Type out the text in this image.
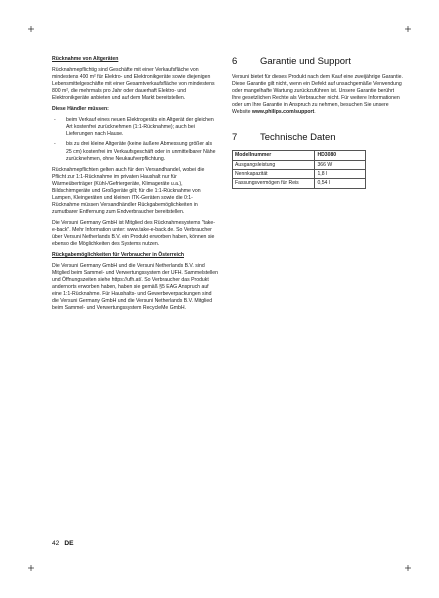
Rücknahme von Altgeräten

Rücknahmepflichtig sind Geschäfte mit einer Verkaufsfläche von mindestens 400 m² für Elektro- und Elektronikgeräte sowie diejenigen Lebensmittelgeschäfte mit einer Gesamtverkaufsfläche von mindestens 800 m², die mehrmals pro Jahr oder dauerhaft Elektro- und Elektronikgeräte anbieten und auf dem Markt bereitstellen.

Diese Händler müssen:

- beim Verkauf eines neuen Elektrogeräts ein Altgerät der gleichen Art kostenfrei zurücknehmen (1:1-Rücknahme); auch bei Lieferungen nach Hause.
- bis zu drei kleine Altgeräte (keine äußere Abmessung größer als 25 cm) kostenfrei im Verkaufsgeschäft oder in unmittelbarer Nähe zurücknehmen, ohne Neukaufverpflichtung.

Rücknahmepflichten gelten auch für den Versandhandel, wobei die Pflicht zur 1:1-Rücknahme im privaten Haushalt nur für Wärmeüberträger (Kühl-/Gefriergeräte, Klimageräte u.a.), Bildschirmgeräte und Großgeräte gilt; für die 1:1-Rücknahme von Lampen, Kleingeräten und kleinen ITK-Geräten sowie die 0:1-Rücknahme müssen Versandhändler Rückgabemöglichkeiten in zumutbarer Entfernung zum Endverbraucher bereitstellen.

Die Versuni Germany GmbH ist Mitglied des Rücknahmesystems "take-e-back". Mehr Information unter: www.take-e-back.de. So Verbraucher über Versuni Netherlands B.V. ein Produkt erworben haben, können sie ebenso die Möglichkeiten des Systems nutzen.

Rückgabemöglichkeiten für Verbraucher in Österreich

Die Versuni Germany GmbH und die Versuni Netherlands B.V. sind Mitglied beim Sammel- und Verwertungssystem der UFH. Sammelstellen und Öffnungszeiten siehe https://ufh.at/. So Verbraucher das Produkt andernorts erworben haben, haben sie gemäß §5 EAG Anspruch auf eine 1:1-Rücknahme. Für Haushalts- und Gewerbeverpackungen sind die Versuni Germany GmbH und die Versuni Netherlands B.V. Mitglied beim Sammel- und Verwertungssystem RecycleMe GmbH.

6	Garantie und Support

Versuni bietet für dieses Produkt nach dem Kauf eine zweijährige Garantie. Diese Garantie gilt nicht, wenn ein Defekt auf unsachgemäße Verwendung oder mangelhafte Wartung zurückzuführen ist. Unsere Garantie berührt Ihre gesetzlichen Rechte als Verbraucher nicht. Für weitere Informationen oder um Ihre Garantie in Anspruch zu nehmen, besuchen Sie unsere Website www.philips.com/support.

7	Technische Daten
Modellnummer	HD3080
Ausgangsleistung	366 W
Nennkapazität	1,8 l
Fassungsvermögen für Reis	0,54 l
42 DE
